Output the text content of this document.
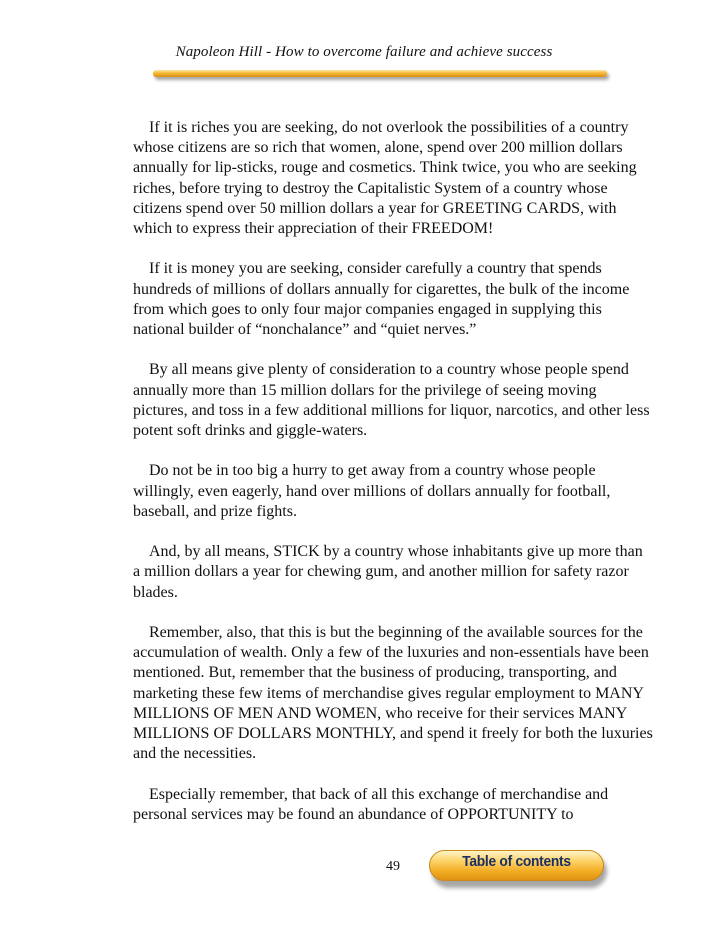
Napoleon Hill - How to overcome failure and achieve success

If it is riches you are seeking, do not overlook the possibilities of a country whose citizens are so rich that women, alone, spend over 200 million dollars annually for lip-sticks, rouge and cosmetics. Think twice, you who are seeking riches, before trying to destroy the Capitalistic System of a country whose citizens spend over 50 million dollars a year for GREETING CARDS, with which to express their appreciation of their FREEDOM!

If it is money you are seeking, consider carefully a country that spends hundreds of millions of dollars annually for cigarettes, the bulk of the income from which goes to only four major companies engaged in supplying this national builder of “nonchalance” and “quiet nerves.”

By all means give plenty of consideration to a country whose people spend annually more than 15 million dollars for the privilege of seeing moving pictures, and toss in a few additional millions for liquor, narcotics, and other less potent soft drinks and giggle-waters.

Do not be in too big a hurry to get away from a country whose people willingly, even eagerly, hand over millions of dollars annually for football, baseball, and prize fights.

And, by all means, STICK by a country whose inhabitants give up more than a million dollars a year for chewing gum, and another million for safety razor blades.

Remember, also, that this is but the beginning of the available sources for the accumulation of wealth. Only a few of the luxuries and non-essentials have been mentioned. But, remember that the business of producing, transporting, and marketing these few items of merchandise gives regular employment to MANY MILLIONS OF MEN AND WOMEN, who receive for their services MANY MILLIONS OF DOLLARS MONTHLY, and spend it freely for both the luxuries and the necessities.

Especially remember, that back of all this exchange of merchandise and personal services may be found an abundance of OPPORTUNITY to

49	Table of contents
